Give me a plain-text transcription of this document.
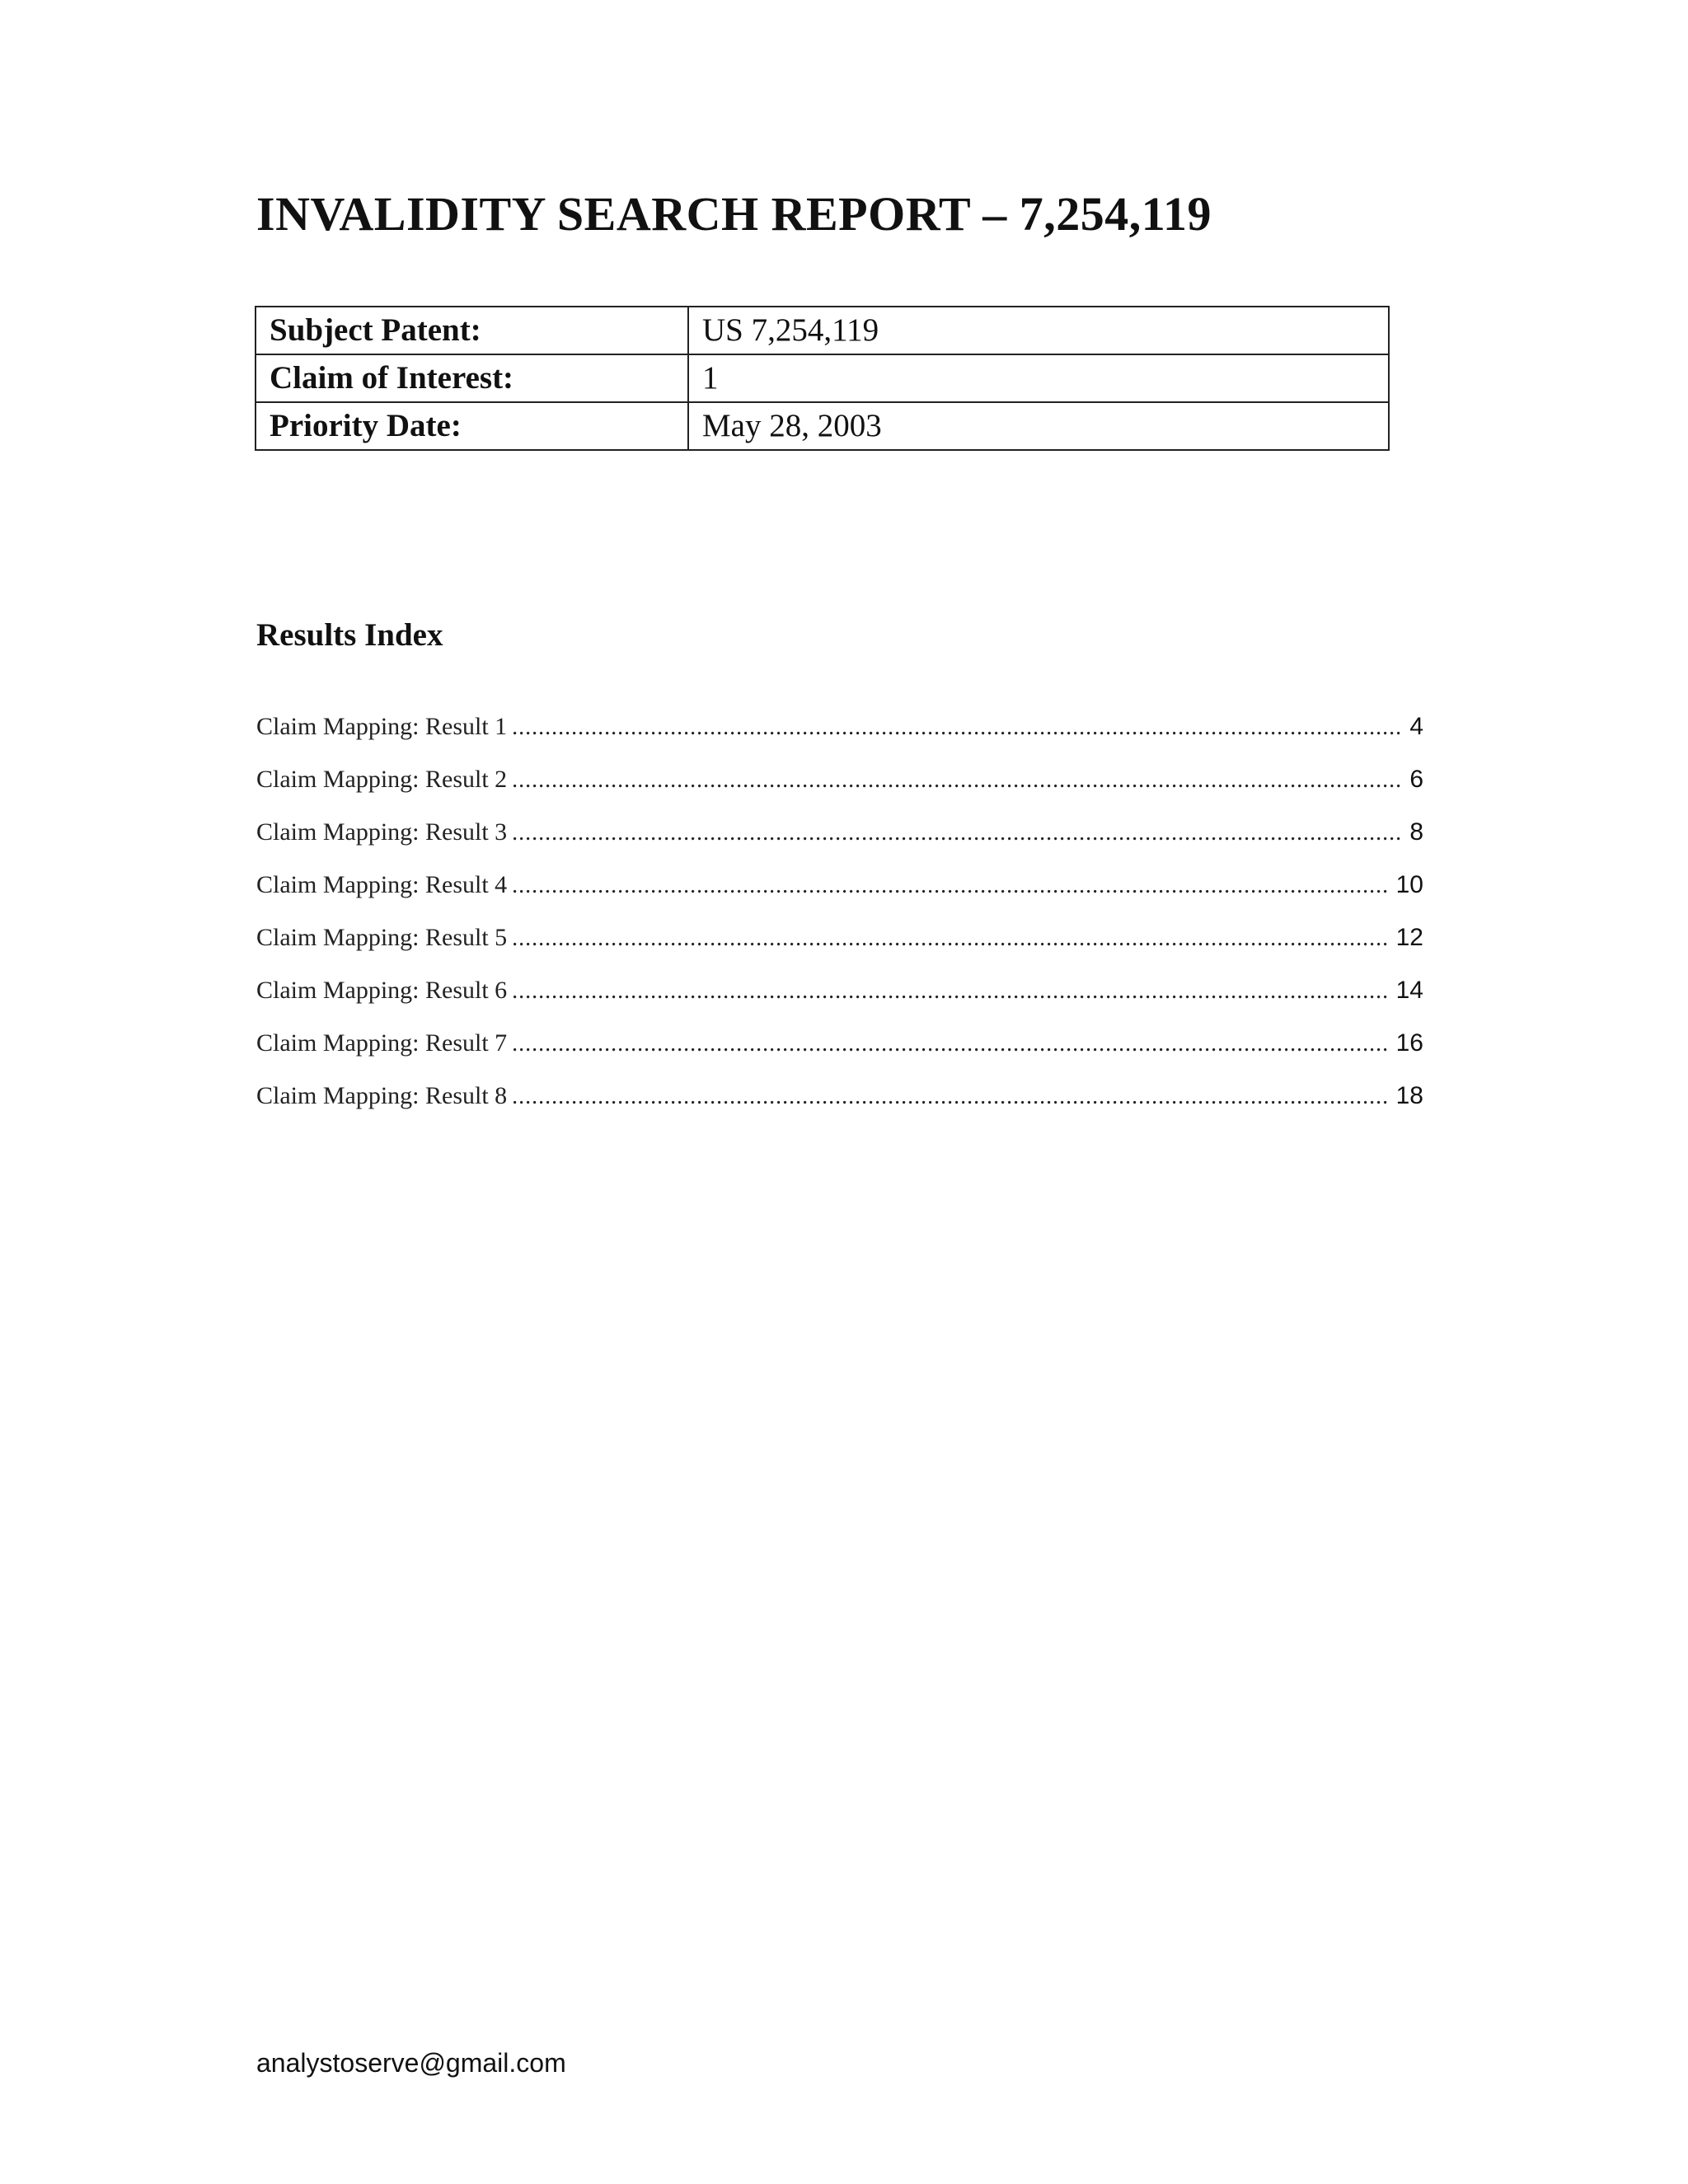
INVALIDITY SEARCH REPORT – 7,254,119
Subject Patent:	US 7,254,119
Claim of Interest:	1
Priority Date:	May 28, 2003
Results Index
Claim Mapping: Result 1 .....	4
Claim Mapping: Result 2 .....	6
Claim Mapping: Result 3 .....	8
Claim Mapping: Result 4 .....	10
Claim Mapping: Result 5 .....	12
Claim Mapping: Result 6 .....	14
Claim Mapping: Result 7 .....	16
Claim Mapping: Result 8 .....	18

analystoserve@gmail.com
